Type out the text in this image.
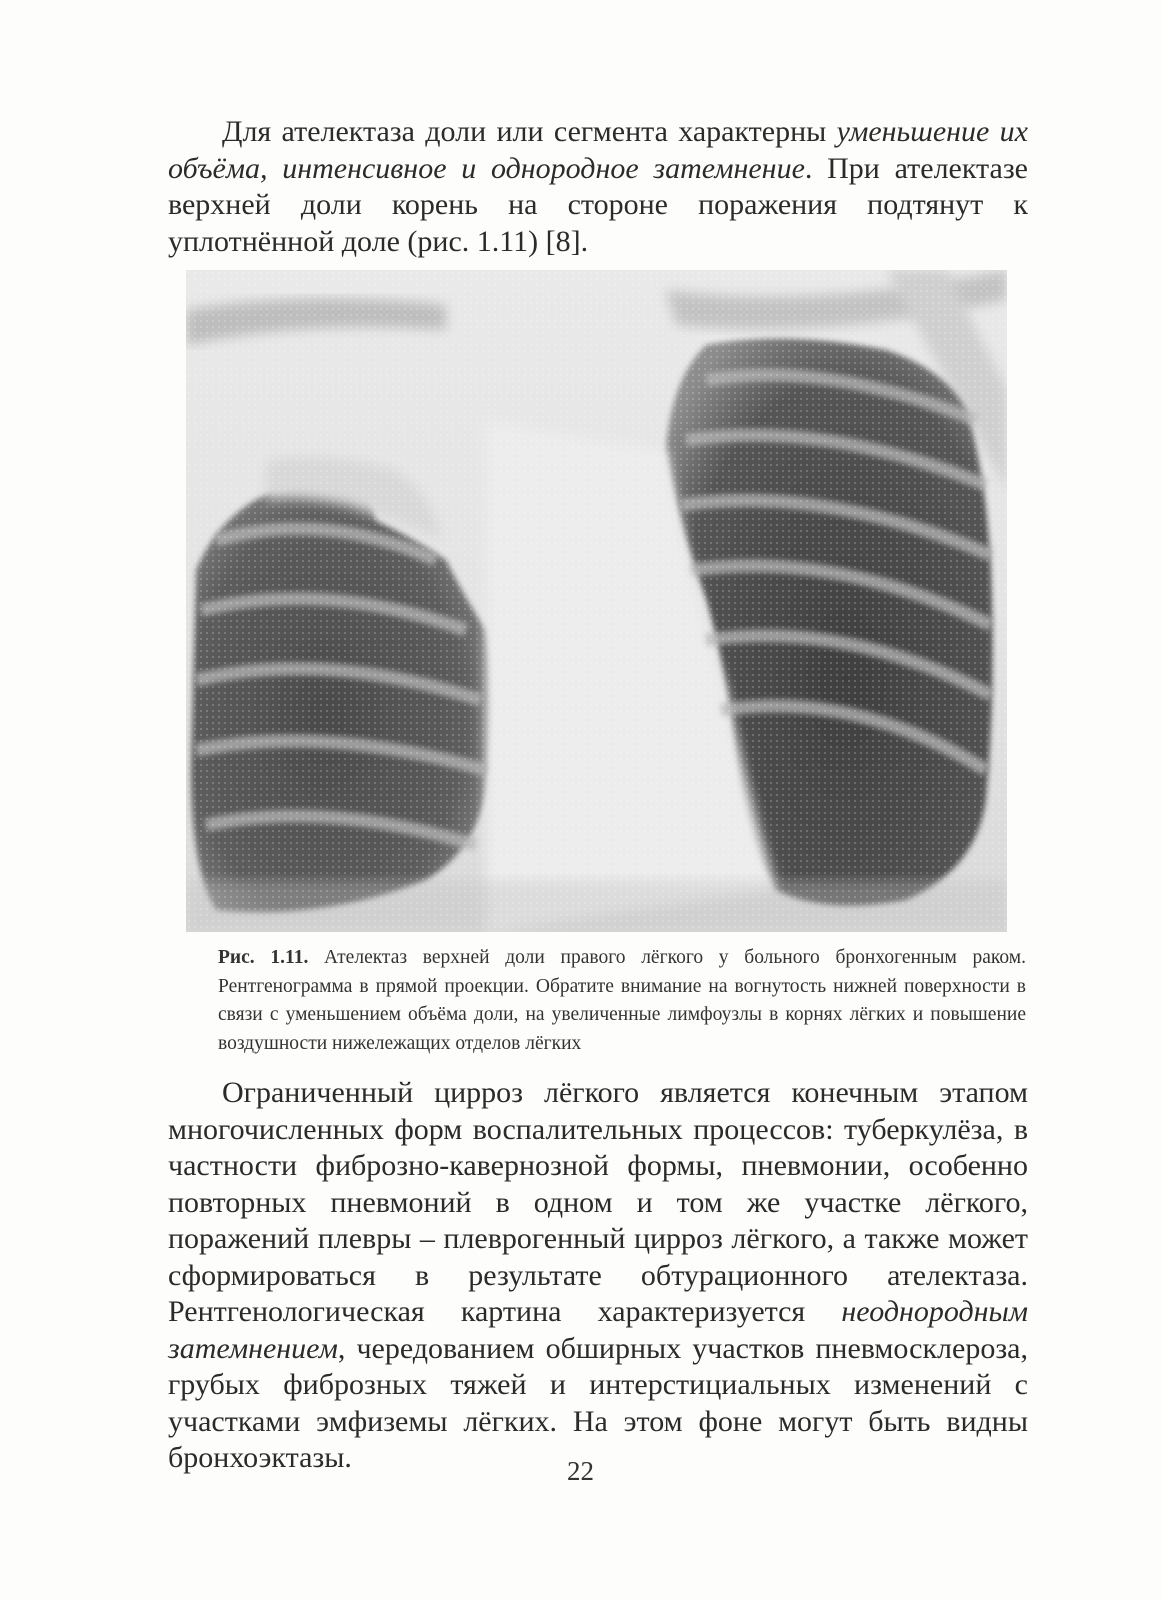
Для ателектаза доли или сегмента характерны уменьшение их объёма, интенсивное и однородное затемнение. При ателектазе верхней доли корень на стороне поражения подтянут к уплотнённой доле (рис. 1.11) [8].

Рис. 1.11. Ателектаз верхней доли правого лёгкого у больного бронхогенным раком. Рентгенограмма в прямой проекции. Обратите внимание на вогнутость нижней поверхности в связи с уменьшением объёма доли, на увеличенные лимфоузлы в корнях лёгких и повышение воздушности нижележащих отделов лёгких

Ограниченный цирроз лёгкого является конечным этапом многочисленных форм воспалительных процессов: туберкулёза, в частности фиброзно-кавернозной формы, пневмонии, особенно повторных пневмоний в одном и том же участке лёгкого, поражений плевры – плеврогенный цирроз лёгкого, а также может сформироваться в результате обтурационного ателектаза. Рентгенологическая картина характеризуется неоднородным затемнением, чередованием обширных участков пневмосклероза, грубых фиброзных тяжей и интерстициальных изменений с участками эмфиземы лёгких. На этом фоне могут быть видны бронхоэктазы.	22
